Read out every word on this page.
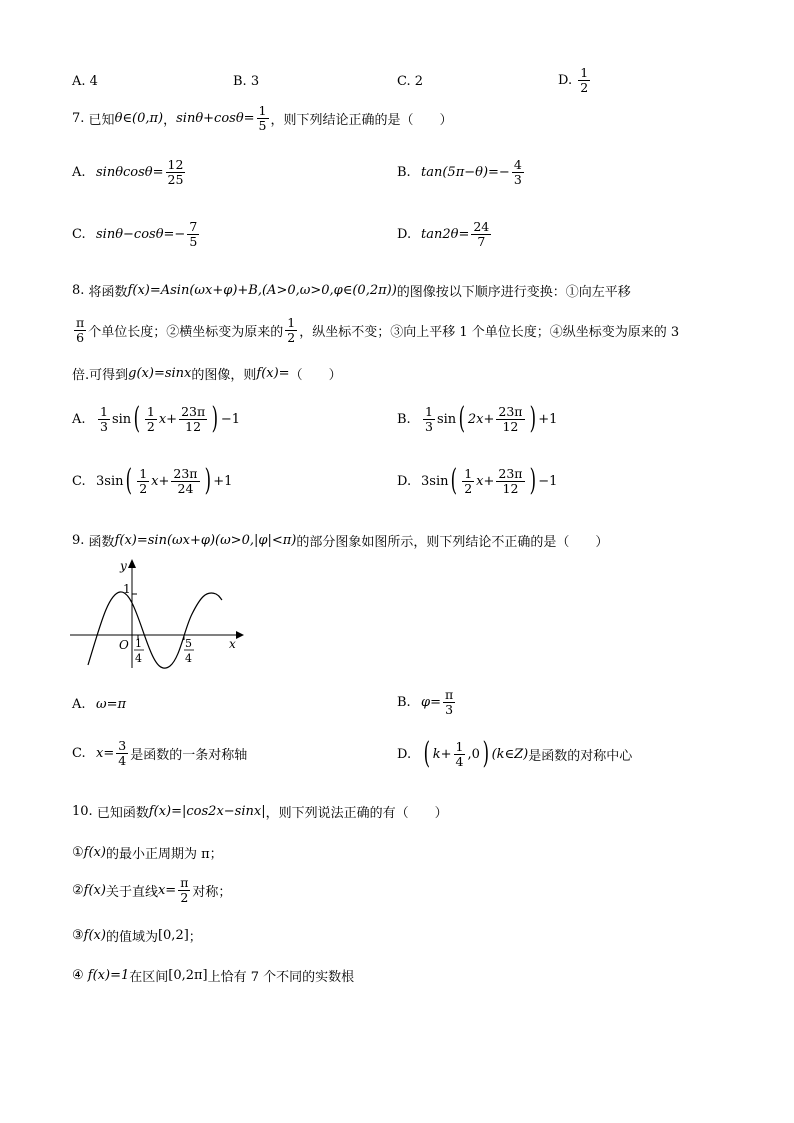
A. 4	B. 3	C. 2	D.
$\frac{1}{2}$
7.
已知 θ∈(0,π) ， $\sin\theta+\cos\theta= \frac{1}{5}$ ，则下列结论正确的是（　　）
A. $\sin\theta\cos\theta= \frac{12}{25}$	B. $\tan(5\pi-\theta)=- \frac{4}{3}$
C. $\sin\theta-\cos\theta=- \frac{7}{5}$	D. $\tan 2\theta= \frac{24}{7}$
8.
将函数 f(x)=Asin(ωx+φ)+B,(A>0,ω>0,φ∈(0,2π)) 的图像按以下顺序进行变换：①向左平移
$\frac{\pi}{6}$ 个单位长度；②横坐标变为原来的 $\frac{1}{2}$ ，纵坐标不变；③向上平移 1 个单位长度；④纵坐标变为原来的 3
倍.可得到 g(x)=sinx 的图像，则 f(x)= （　　）
A. $\frac{1}{3}$ sin ( $\frac{1}{2} x+ \frac{23\pi}{12}$ ) −1	B. $\frac{1}{3}$ sin ( $2x+ \frac{23\pi}{12}$ ) +1
C. 3sin ( $\frac{1}{2} x+ \frac{23\pi}{24}$ ) +1	D. 3sin ( $\frac{1}{2} x+ \frac{23\pi}{12}$ ) −1
9.
函数 f(x)=sin(ωx+φ)(ω>0,|φ|<π) 的部分图象如图所示，则下列结论不正确的是（　　）
y
x
O
1
1
4
5
4
A. ω=π	B. $\varphi= \frac{\pi}{3}$
C. $x= \frac{3}{4}$ 是函数的一条对称轴	D. ( $k+ \frac{1}{4} ,0$ ) (k∈Z) 是函数的对称中心
10.
已知函数 f(x)=|cos2x−sinx| ，则下列说法正确的有（　　）
① f(x) 的最小正周期为 π；
② f(x) 关于直线 $x= \frac{\pi}{2}$ 对称；
③ f(x) 的值域为 [0,2] ；
④
f(x)=1 在区间 [0,2π] 上恰有 7 个不同的实数根
